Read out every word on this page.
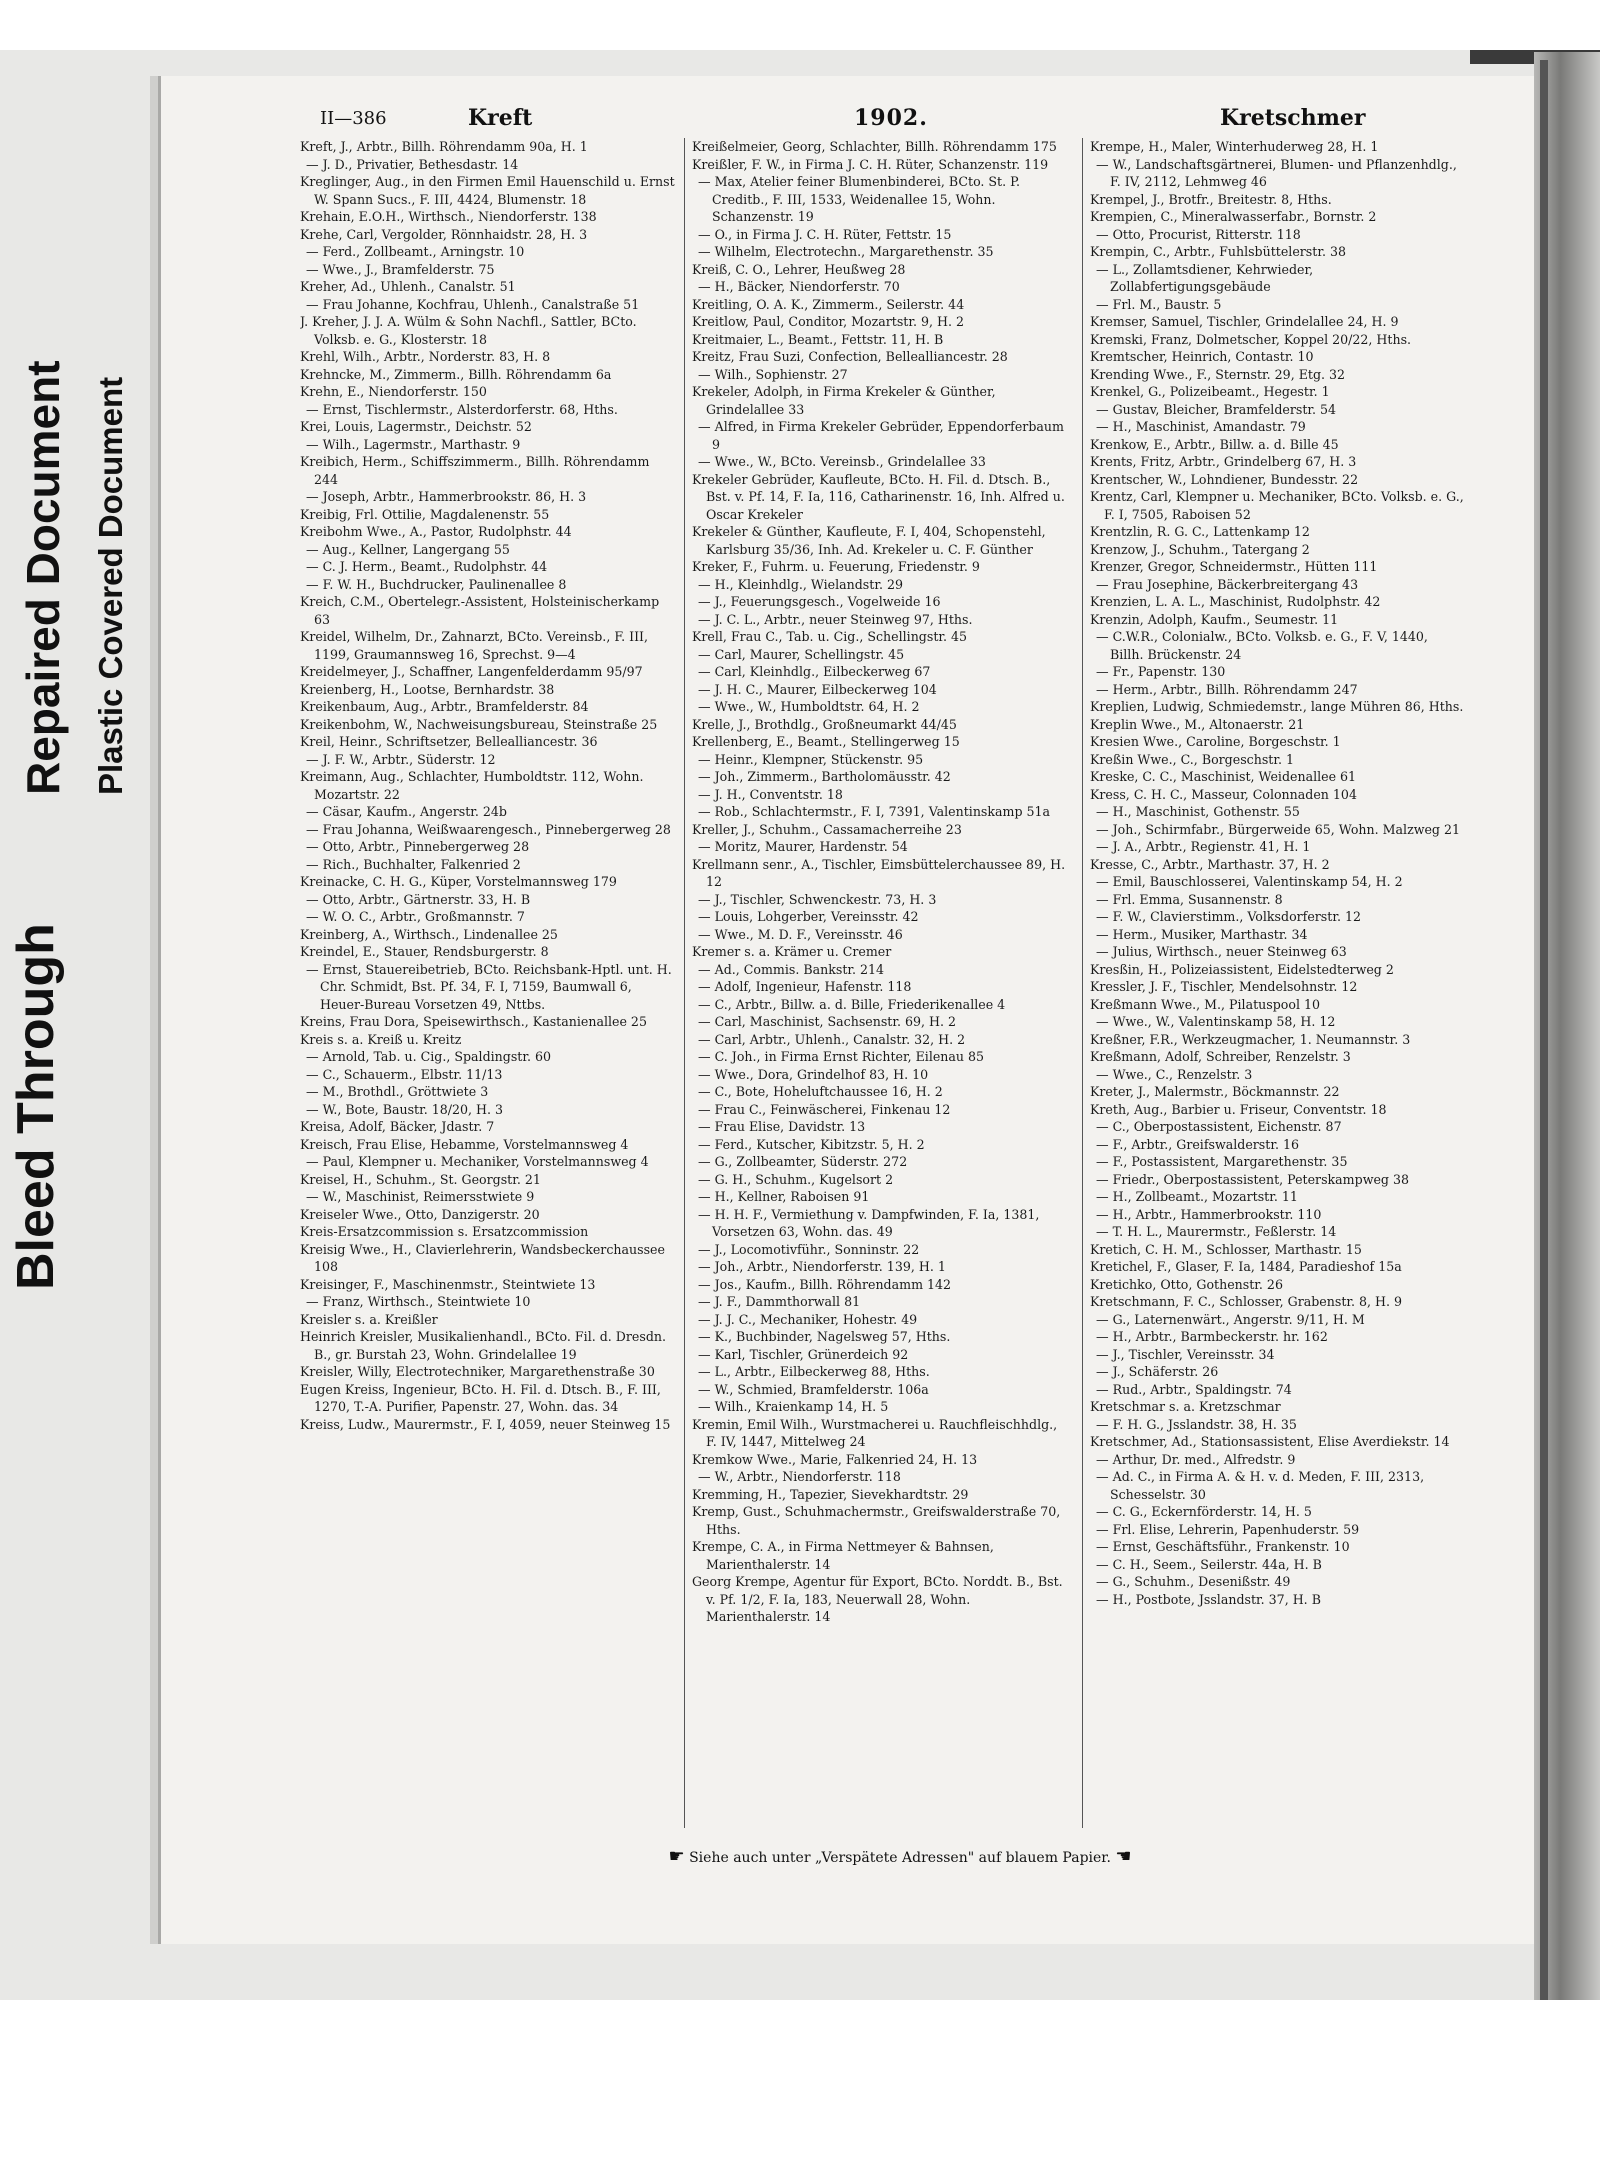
Bleed Through

Repaired Document Plastic Covered Document

II—386	Kreft	1902.	Kretschmer

Kreft, J., Arbtr., Billh. Röhrendamm 90a, H. 1

— J. D., Privatier, Bethesdastr. 14

Kreglinger, Aug., in den Firmen Emil Hauenschild u. Ernst W. Spann Sucs., F. III, 4424, Blumenstr. 18

Krehain, E.O.H., Wirthsch., Niendorferstr. 138

Krehe, Carl, Vergolder, Rönnhaidstr. 28, H. 3

— Ferd., Zollbeamt., Arningstr. 10

— Wwe., J., Bramfelderstr. 75

Kreher, Ad., Uhlenh., Canalstr. 51

— Frau Johanne, Kochfrau, Uhlenh., Canalstraße 51

J. Kreher, J. J. A. Wülm & Sohn Nachfl., Sattler, BCto. Volksb. e. G., Klosterstr. 18

Krehl, Wilh., Arbtr., Norderstr. 83, H. 8

Krehncke, M., Zimmerm., Billh. Röhrendamm 6a

Krehn, E., Niendorferstr. 150

— Ernst, Tischlermstr., Alsterdorferstr. 68, Hths.

Krei, Louis, Lagermstr., Deichstr. 52

— Wilh., Lagermstr., Marthastr. 9

Kreibich, Herm., Schiffszimmerm., Billh. Röhrendamm 244

— Joseph, Arbtr., Hammerbrookstr. 86, H. 3

Kreibig, Frl. Ottilie, Magdalenenstr. 55

Kreibohm Wwe., A., Pastor, Rudolphstr. 44

— Aug., Kellner, Langergang 55

— C. J. Herm., Beamt., Rudolphstr. 44

— F. W. H., Buchdrucker, Paulinenallee 8

Kreich, C.M., Obertelegr.-Assistent, Holsteinischerkamp 63

Kreidel, Wilhelm, Dr., Zahnarzt, BCto. Vereinsb., F. III, 1199, Graumannsweg 16, Sprechst. 9—4

Kreidelmeyer, J., Schaffner, Langenfelderdamm 95/97

Kreienberg, H., Lootse, Bernhardstr. 38

Kreikenbaum, Aug., Arbtr., Bramfelderstr. 84

Kreikenbohm, W., Nachweisungsbureau, Steinstraße 25

Kreil, Heinr., Schriftsetzer, Bellealliancestr. 36

— J. F. W., Arbtr., Süderstr. 12

Kreimann, Aug., Schlachter, Humboldtstr. 112, Wohn. Mozartstr. 22

— Cäsar, Kaufm., Angerstr. 24b

— Frau Johanna, Weißwaarengesch., Pinnebergerweg 28

— Otto, Arbtr., Pinnebergerweg 28

— Rich., Buchhalter, Falkenried 2

Kreinacke, C. H. G., Küper, Vorstelmannsweg 179

— Otto, Arbtr., Gärtnerstr. 33, H. B

— W. O. C., Arbtr., Großmannstr. 7

Kreinberg, A., Wirthsch., Lindenallee 25

Kreindel, E., Stauer, Rendsburgerstr. 8

— Ernst, Stauereibetrieb, BCto. Reichsbank-Hptl. unt. H. Chr. Schmidt, Bst. Pf. 34, F. I, 7159, Baumwall 6, Heuer-Bureau Vorsetzen 49, Nttbs.

Kreins, Frau Dora, Speisewirthsch., Kastanienallee 25

Kreis s. a. Kreiß u. Kreitz

— Arnold, Tab. u. Cig., Spaldingstr. 60

— C., Schauerm., Elbstr. 11/13

— M., Brothdl., Gröttwiete 3

— W., Bote, Baustr. 18/20, H. 3

Kreisa, Adolf, Bäcker, Jdastr. 7

Kreisch, Frau Elise, Hebamme, Vorstelmannsweg 4

— Paul, Klempner u. Mechaniker, Vorstelmannsweg 4

Kreisel, H., Schuhm., St. Georgstr. 21

— W., Maschinist, Reimersstwiete 9

Kreiseler Wwe., Otto, Danzigerstr. 20

Kreis-Ersatzcommission s. Ersatzcommission

Kreisig Wwe., H., Clavierlehrerin, Wandsbeckerchaussee 108

Kreisinger, F., Maschinenmstr., Steintwiete 13

— Franz, Wirthsch., Steintwiete 10

Kreisler s. a. Kreißler

Heinrich Kreisler, Musikalienhandl., BCto. Fil. d. Dresdn. B., gr. Burstah 23, Wohn. Grindelallee 19

Kreisler, Willy, Electrotechniker, Margarethenstraße 30

Eugen Kreiss, Ingenieur, BCto. H. Fil. d. Dtsch. B., F. III, 1270, T.-A. Purifier, Papenstr. 27, Wohn. das. 34

Kreiss, Ludw., Maurermstr., F. I, 4059, neuer Steinweg 15

Kreißelmeier, Georg, Schlachter, Billh. Röhrendamm 175

Kreißler, F. W., in Firma J. C. H. Rüter, Schanzenstr. 119

— Max, Atelier feiner Blumenbinderei, BCto. St. P. Creditb., F. III, 1533, Weidenallee 15, Wohn. Schanzenstr. 19

— O., in Firma J. C. H. Rüter, Fettstr. 15

— Wilhelm, Electrotechn., Margarethenstr. 35

Kreiß, C. O., Lehrer, Heußweg 28

— H., Bäcker, Niendorferstr. 70

Kreitling, O. A. K., Zimmerm., Seilerstr. 44

Kreitlow, Paul, Conditor, Mozartstr. 9, H. 2

Kreitmaier, L., Beamt., Fettstr. 11, H. B

Kreitz, Frau Suzi, Confection, Bellealliancestr. 28

— Wilh., Sophienstr. 27

Krekeler, Adolph, in Firma Krekeler & Günther, Grindelallee 33

— Alfred, in Firma Krekeler Gebrüder, Eppendorferbaum 9

— Wwe., W., BCto. Vereinsb., Grindelallee 33

Krekeler Gebrüder, Kaufleute, BCto. H. Fil. d. Dtsch. B., Bst. v. Pf. 14, F. Ia, 116, Catharinenstr. 16, Inh. Alfred u. Oscar Krekeler

Krekeler & Günther, Kaufleute, F. I, 404, Schopenstehl, Karlsburg 35/36, Inh. Ad. Krekeler u. C. F. Günther

Kreker, F., Fuhrm. u. Feuerung, Friedenstr. 9

— H., Kleinhdlg., Wielandstr. 29

— J., Feuerungsgesch., Vogelweide 16

— J. C. L., Arbtr., neuer Steinweg 97, Hths.

Krell, Frau C., Tab. u. Cig., Schellingstr. 45

— Carl, Maurer, Schellingstr. 45

— Carl, Kleinhdlg., Eilbeckerweg 67

— J. H. C., Maurer, Eilbeckerweg 104

— Wwe., W., Humboldtstr. 64, H. 2

Krelle, J., Brothdlg., Großneumarkt 44/45

Krellenberg, E., Beamt., Stellingerweg 15

— Heinr., Klempner, Stückenstr. 95

— Joh., Zimmerm., Bartholomäusstr. 42

— J. H., Conventstr. 18

— Rob., Schlachtermstr., F. I, 7391, Valentinskamp 51a

Kreller, J., Schuhm., Cassamacherreihe 23

— Moritz, Maurer, Hardenstr. 54

Krellmann senr., A., Tischler, Eimsbüttelerchaussee 89, H. 12

— J., Tischler, Schwenckestr. 73, H. 3

— Louis, Lohgerber, Vereinsstr. 42

— Wwe., M. D. F., Vereinsstr. 46

Kremer s. a. Krämer u. Cremer

— Ad., Commis. Bankstr. 214

— Adolf, Ingenieur, Hafenstr. 118

— C., Arbtr., Billw. a. d. Bille, Friederikenallee 4

— Carl, Maschinist, Sachsenstr. 69, H. 2

— Carl, Arbtr., Uhlenh., Canalstr. 32, H. 2

— C. Joh., in Firma Ernst Richter, Eilenau 85

— Wwe., Dora, Grindelhof 83, H. 10

— C., Bote, Hoheluftchaussee 16, H. 2

— Frau C., Feinwäscherei, Finkenau 12

— Frau Elise, Davidstr. 13

— Ferd., Kutscher, Kibitzstr. 5, H. 2

— G., Zollbeamter, Süderstr. 272

— G. H., Schuhm., Kugelsort 2

— H., Kellner, Raboisen 91

— H. H. F., Vermiethung v. Dampfwinden, F. Ia, 1381, Vorsetzen 63, Wohn. das. 49

— J., Locomotivführ., Sonninstr. 22

— Joh., Arbtr., Niendorferstr. 139, H. 1

— Jos., Kaufm., Billh. Röhrendamm 142

— J. F., Dammthorwall 81

— J. J. C., Mechaniker, Hohestr. 49

— K., Buchbinder, Nagelsweg 57, Hths.

— Karl, Tischler, Grünerdeich 92

— L., Arbtr., Eilbeckerweg 88, Hths.

— W., Schmied, Bramfelderstr. 106a

— Wilh., Kraienkamp 14, H. 5

Kremin, Emil Wilh., Wurstmacherei u. Rauchfleischhdlg., F. IV, 1447, Mittelweg 24

Kremkow Wwe., Marie, Falkenried 24, H. 13

— W., Arbtr., Niendorferstr. 118

Kremming, H., Tapezier, Sievekhardtstr. 29

Kremp, Gust., Schuhmachermstr., Greifswalderstraße 70, Hths.

Krempe, C. A., in Firma Nettmeyer & Bahnsen, Marienthalerstr. 14

Georg Krempe, Agentur für Export, BCto. Norddt. B., Bst. v. Pf. 1/2, F. Ia, 183, Neuerwall 28, Wohn. Marienthalerstr. 14

Krempe, H., Maler, Winterhuderweg 28, H. 1

— W., Landschaftsgärtnerei, Blumen- und Pflanzenhdlg., F. IV, 2112, Lehmweg 46

Krempel, J., Brotfr., Breitestr. 8, Hths.

Krempien, C., Mineralwasserfabr., Bornstr. 2

— Otto, Procurist, Ritterstr. 118

Krempin, C., Arbtr., Fuhlsbüttelerstr. 38

— L., Zollamtsdiener, Kehrwieder, Zollabfertigungsgebäude

— Frl. M., Baustr. 5

Kremser, Samuel, Tischler, Grindelallee 24, H. 9

Kremski, Franz, Dolmetscher, Koppel 20/22, Hths.

Kremtscher, Heinrich, Contastr. 10

Krending Wwe., F., Sternstr. 29, Etg. 32

Krenkel, G., Polizeibeamt., Hegestr. 1

— Gustav, Bleicher, Bramfelderstr. 54

— H., Maschinist, Amandastr. 79

Krenkow, E., Arbtr., Billw. a. d. Bille 45

Krents, Fritz, Arbtr., Grindelberg 67, H. 3

Krentscher, W., Lohndiener, Bundesstr. 22

Krentz, Carl, Klempner u. Mechaniker, BCto. Volksb. e. G., F. I, 7505, Raboisen 52

Krentzlin, R. G. C., Lattenkamp 12

Krenzow, J., Schuhm., Tatergang 2

Krenzer, Gregor, Schneidermstr., Hütten 111

— Frau Josephine, Bäckerbreitergang 43

Krenzien, L. A. L., Maschinist, Rudolphstr. 42

Krenzin, Adolph, Kaufm., Seumestr. 11

— C.W.R., Colonialw., BCto. Volksb. e. G., F. V, 1440, Billh. Brückenstr. 24

— Fr., Papenstr. 130

— Herm., Arbtr., Billh. Röhrendamm 247

Kreplien, Ludwig, Schmiedemstr., lange Mühren 86, Hths.

Kreplin Wwe., M., Altonaerstr. 21

Kresien Wwe., Caroline, Borgeschstr. 1

Kreßin Wwe., C., Borgeschstr. 1

Kreske, C. C., Maschinist, Weidenallee 61

Kress, C. H. C., Masseur, Colonnaden 104

— H., Maschinist, Gothenstr. 55

— Joh., Schirmfabr., Bürgerweide 65, Wohn. Malzweg 21

— J. A., Arbtr., Regienstr. 41, H. 1

Kresse, C., Arbtr., Marthastr. 37, H. 2

— Emil, Bauschlosserei, Valentinskamp 54, H. 2

— Frl. Emma, Susannenstr. 8

— F. W., Clavierstimm., Volksdorferstr. 12

— Herm., Musiker, Marthastr. 34

— Julius, Wirthsch., neuer Steinweg 63

Kresßin, H., Polizeiassistent, Eidelstedterweg 2

Kressler, J. F., Tischler, Mendelsohnstr. 12

Kreßmann Wwe., M., Pilatuspool 10

— Wwe., W., Valentinskamp 58, H. 12

Kreßner, F.R., Werkzeugmacher, 1. Neumannstr. 3

Kreßmann, Adolf, Schreiber, Renzelstr. 3

— Wwe., C., Renzelstr. 3

Kreter, J., Malermstr., Böckmannstr. 22

Kreth, Aug., Barbier u. Friseur, Conventstr. 18

— C., Oberpostassistent, Eichenstr. 87

— F., Arbtr., Greifswalderstr. 16

— F., Postassistent, Margarethenstr. 35

— Friedr., Oberpostassistent, Peterskampweg 38

— H., Zollbeamt., Mozartstr. 11

— H., Arbtr., Hammerbrookstr. 110

— T. H. L., Maurermstr., Feßlerstr. 14

Kretich, C. H. M., Schlosser, Marthastr. 15

Kretichel, F., Glaser, F. Ia, 1484, Paradieshof 15a

Kretichko, Otto, Gothenstr. 26

Kretschmann, F. C., Schlosser, Grabenstr. 8, H. 9

— G., Laternenwärt., Angerstr. 9/11, H. M

— H., Arbtr., Barmbeckerstr. hr. 162

— J., Tischler, Vereinsstr. 34

— J., Schäferstr. 26

— Rud., Arbtr., Spaldingstr. 74

Kretschmar s. a. Kretzschmar

— F. H. G., Jsslandstr. 38, H. 35

Kretschmer, Ad., Stationsassistent, Elise Averdiekstr. 14

— Arthur, Dr. med., Alfredstr. 9

— Ad. C., in Firma A. & H. v. d. Meden, F. III, 2313, Schesselstr. 30

— C. G., Eckernförderstr. 14, H. 5

— Frl. Elise, Lehrerin, Papenhuderstr. 59

— Ernst, Geschäftsführ., Frankenstr. 10

— C. H., Seem., Seilerstr. 44a, H. B

— G., Schuhm., Desenißstr. 49

— H., Postbote, Jsslandstr. 37, H. B

☛ Siehe auch unter „Verspätete Adressen" auf blauem Papier. ☚
